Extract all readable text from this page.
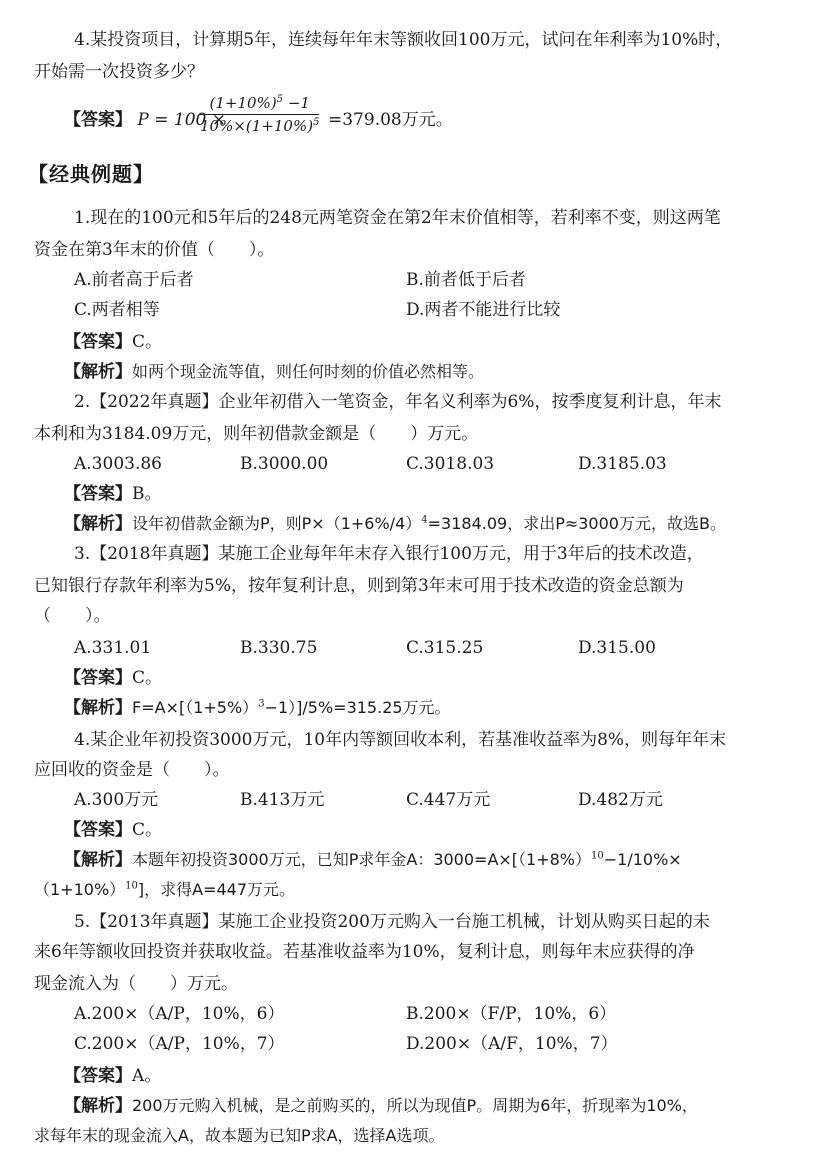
4.某投资项目，计算期5年，连续每年年末等额收回100万元，试问在年利率为10%时，
开始需一次投资多少？
【答案】 P = 100 ×
$\frac{(1+10\%)^5 -1}{10\%\times(1+10\%)^5} =379.08$万元。
【经典例题】
1.现在的100元和5年后的248元两笔资金在第2年末价值相等，若利率不变，则这两笔
资金在第3年末的价值（　　）。
A.前者高于后者	B.前者低于后者
C.两者相等	D.两者不能进行比较
【答案】C。
【解析】如两个现金流等值，则任何时刻的价值必然相等。
2.【2022年真题】企业年初借入一笔资金，年名义利率为6%，按季度复利计息，年末
本利和为3184.09万元，则年初借款金额是（　　）万元。
A.3003.86	B.3000.00	C.3018.03	D.3185.03
【答案】B。
【解析】设年初借款金额为P，则$P\times(1+6\%/4)^4=3184.09$，求出P≈3000万元，故选B。
3.【2018年真题】某施工企业每年年末存入银行100万元，用于3年后的技术改造，
已知银行存款年利率为5%，按年复利计息，则到第3年末可用于技术改造的资金总额为
（　　）。
A.331.01	B.330.75	C.315.25	D.315.00
【答案】C。
【解析】$F=A\times[(1+5\%)^3-1)]/5\%=315.25$万元。
4.某企业年初投资3000万元，10年内等额回收本利，若基准收益率为8%，则每年年末
应回收的资金是（　　）。
A.300万元	B.413万元	C.447万元	D.482万元
【答案】C。
【解析】本题年初投资3000万元，已知P求年金A：$3000=A\times[(1+8\%)^{10}-1/10\%\times$
$(1+10\%)^{10}$]，求得A=447万元。
5.【2013年真题】某施工企业投资200万元购入一台施工机械，计划从购买日起的未
来6年等额收回投资并获取收益。若基准收益率为10%，复利计息，则每年末应获得的净
现金流入为（　　）万元。
A.200×（A/P，10%，6）	B.200×（F/P，10%，6）
C.200×（A/P，10%，7）	D.200×（A/F，10%，7）
【答案】A。
【解析】200万元购入机械，是之前购买的，所以为现值P。周期为6年，折现率为10%，
求每年末的现金流入A，故本题为已知P求A，选择A选项。
